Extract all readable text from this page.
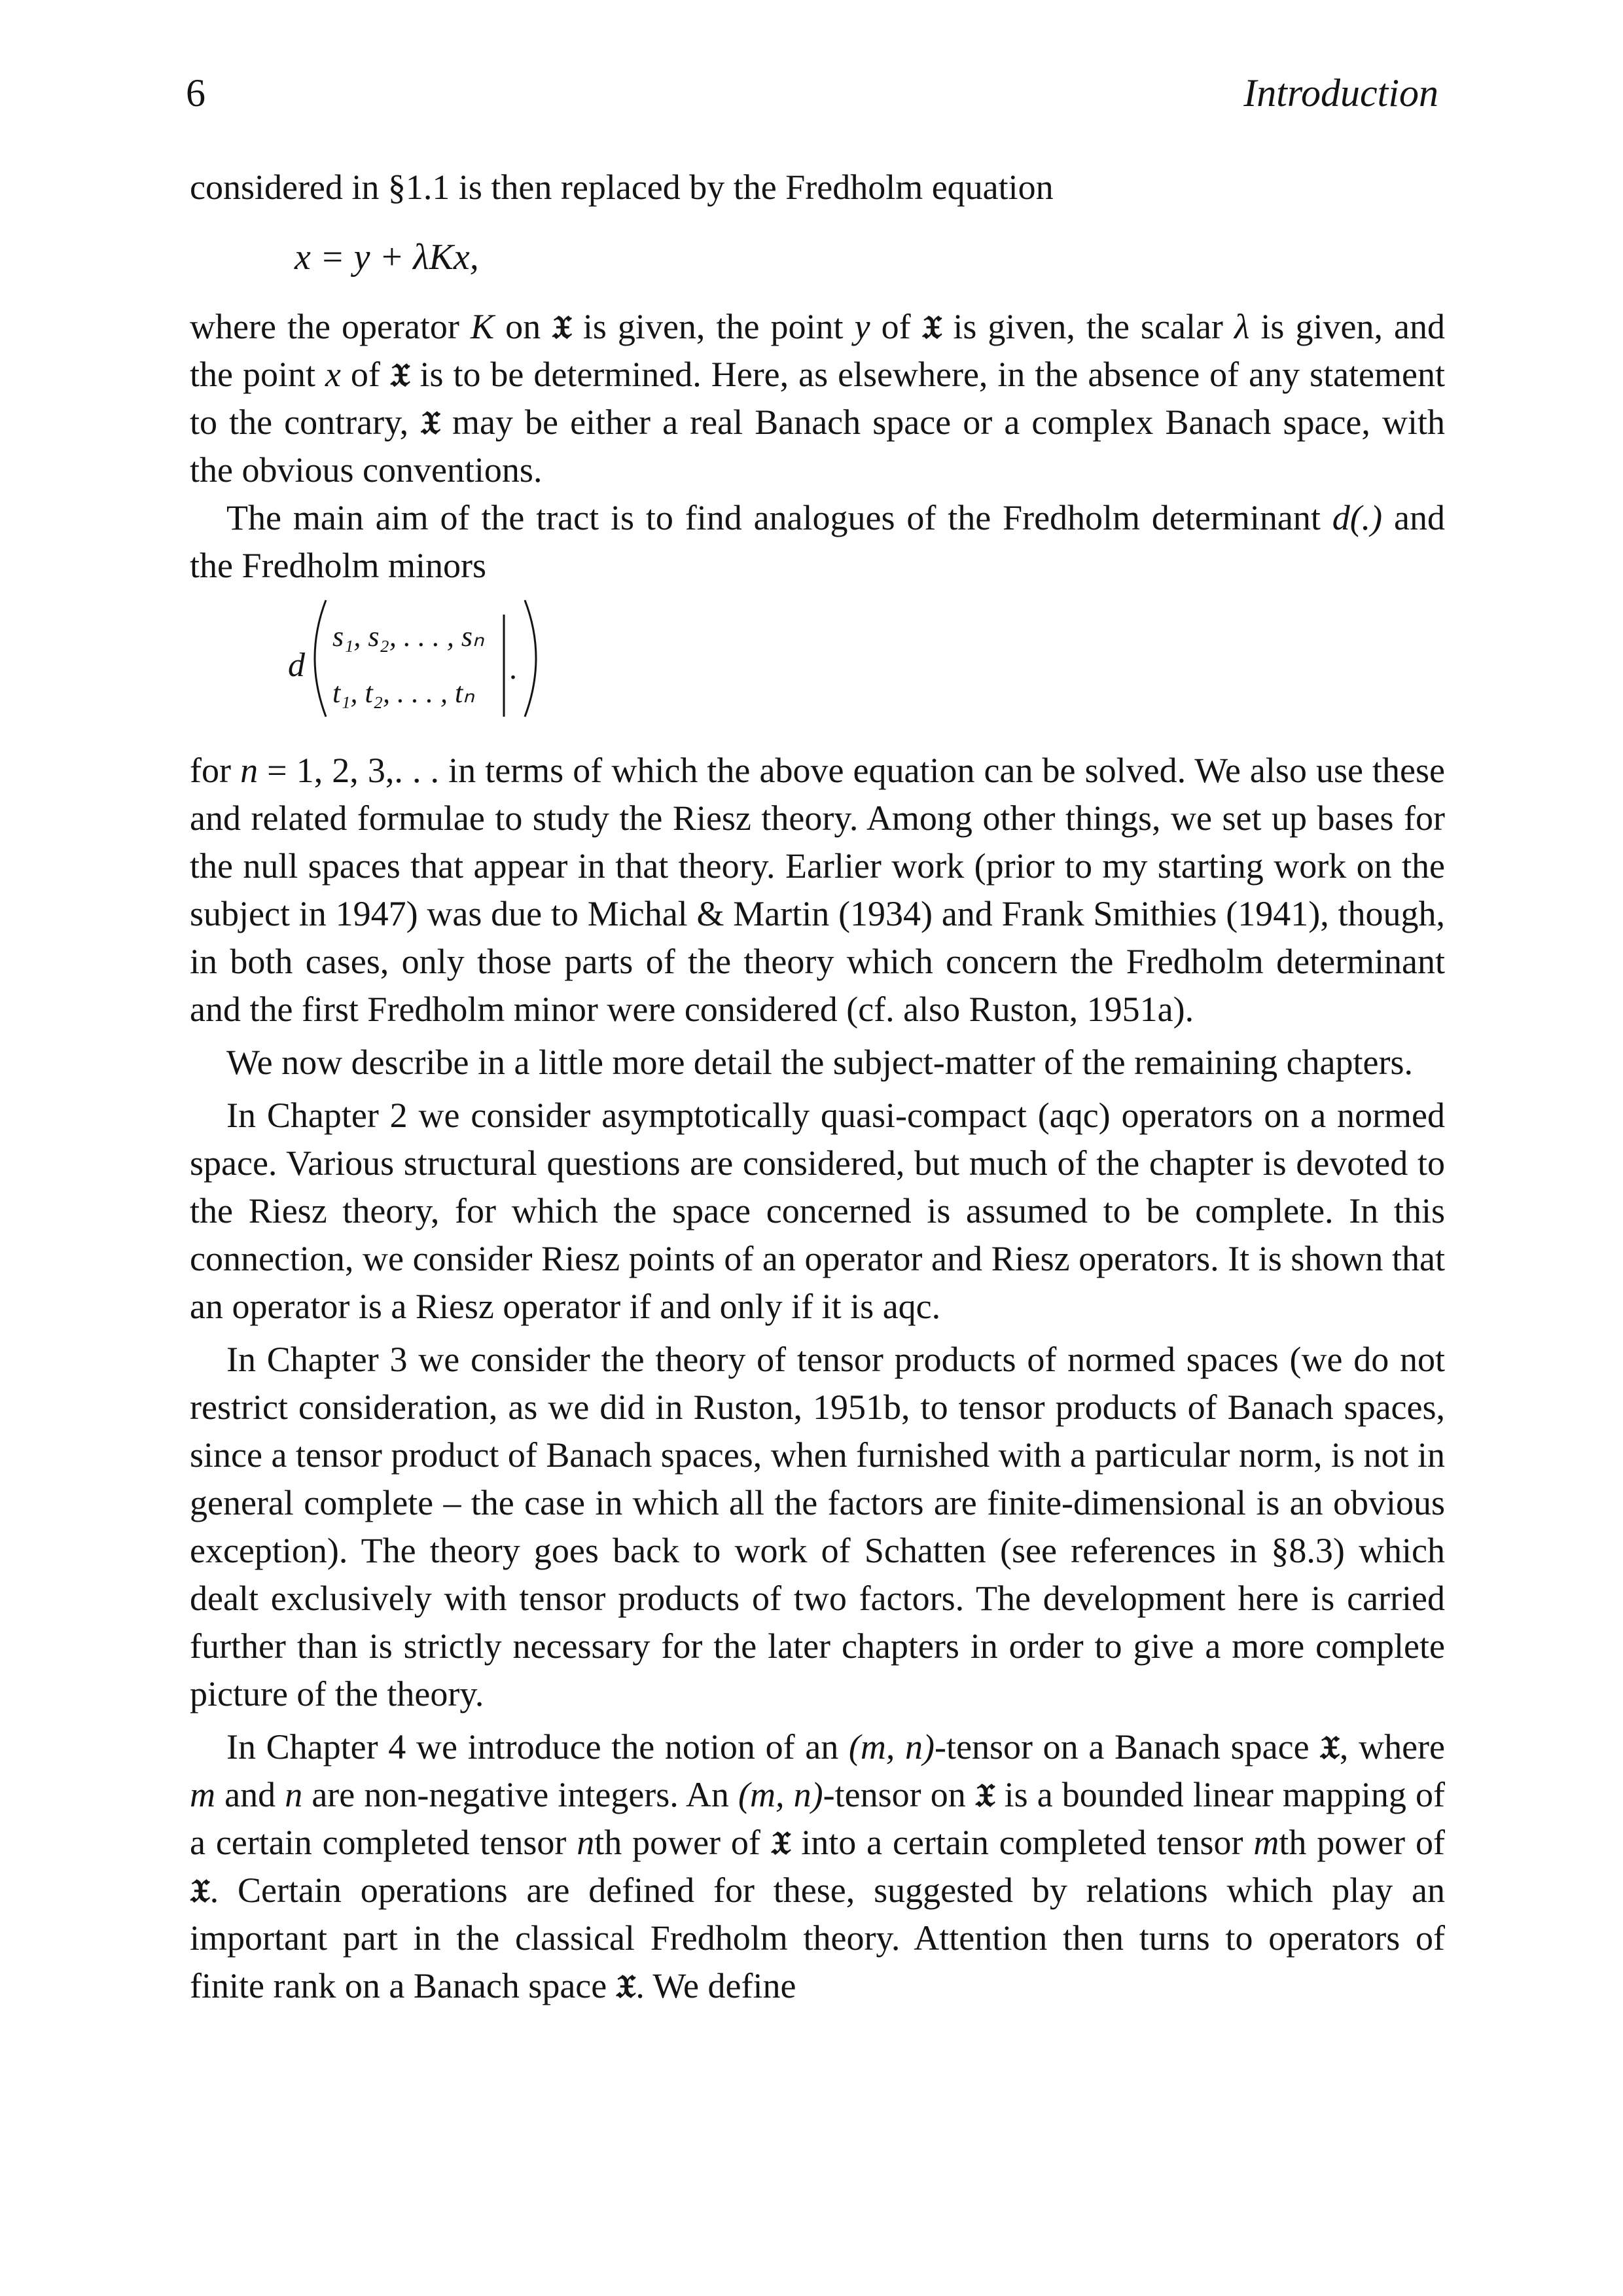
6	Introduction

considered in §1.1 is then replaced by the Fredholm equation

x = y + λKx,

where the operator K on 𝔛 is given, the point y of 𝔛 is given, the scalar λ is given, and the point x of 𝔛 is to be determined. Here, as elsewhere, in the absence of any statement to the contrary, 𝔛 may be either a real Banach space or a complex Banach space, with the obvious conventions.

The main aim of the tract is to find analogues of the Fredholm determinant d(.) and the Fredholm minors

d
s₁, s₂, . . . , sₙ
t₁, t₂, . . . , tₙ
.

for n = 1, 2, 3,. . . in terms of which the above equation can be solved. We also use these and related formulae to study the Riesz theory. Among other things, we set up bases for the null spaces that appear in that theory. Earlier work (prior to my starting work on the subject in 1947) was due to Michal & Martin (1934) and Frank Smithies (1941), though, in both cases, only those parts of the theory which concern the Fredholm determinant and the first Fredholm minor were considered (cf. also Ruston, 1951a).

We now describe in a little more detail the subject-matter of the remaining chapters.

In Chapter 2 we consider asymptotically quasi-compact (aqc) operators on a normed space. Various structural questions are considered, but much of the chapter is devoted to the Riesz theory, for which the space concerned is assumed to be complete. In this connection, we consider Riesz points of an operator and Riesz operators. It is shown that an operator is a Riesz operator if and only if it is aqc.

In Chapter 3 we consider the theory of tensor products of normed spaces (we do not restrict consideration, as we did in Ruston, 1951b, to tensor products of Banach spaces, since a tensor product of Banach spaces, when furnished with a particular norm, is not in general complete – the case in which all the factors are finite-dimensional is an obvious exception). The theory goes back to work of Schatten (see references in §8.3) which dealt exclusively with tensor products of two factors. The development here is carried further than is strictly necessary for the later chapters in order to give a more complete picture of the theory.

In Chapter 4 we introduce the notion of an (m, n)-tensor on a Banach space 𝔛, where m and n are non-negative integers. An (m, n)-tensor on 𝔛 is a bounded linear mapping of a certain completed tensor nth power of 𝔛 into a certain completed tensor mth power of 𝔛. Certain operations are defined for these, suggested by relations which play an important part in the classical Fredholm theory. Attention then turns to operators of finite rank on a Banach space 𝔛. We define
